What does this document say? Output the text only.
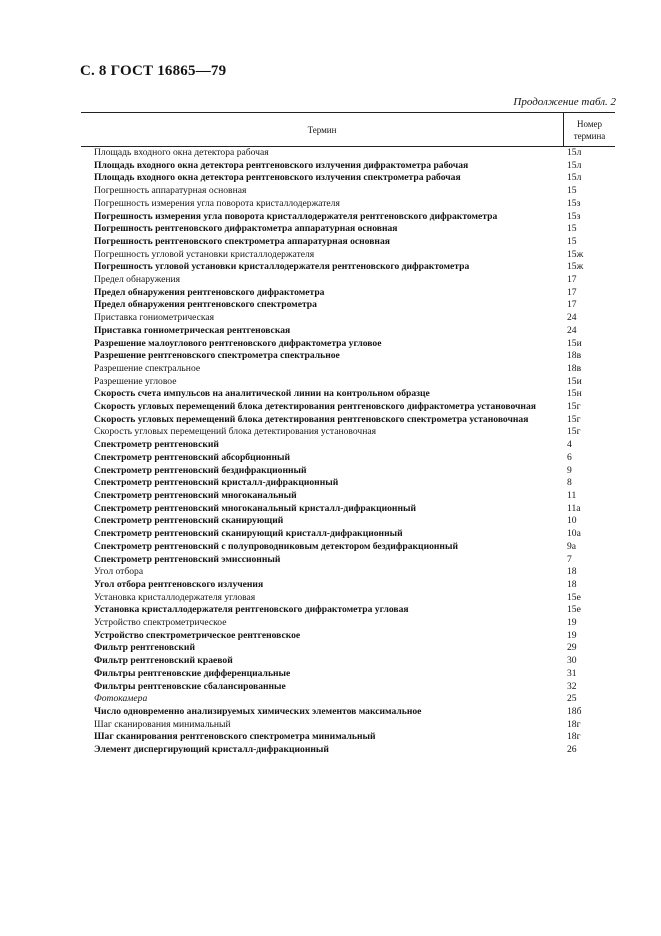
С. 8 ГОСТ 16865—79
Продолжение табл. 2
Термин
Номер
термина
Площадь входного окна детектора рабочая	15л
Площадь входного окна детектора рентгеновского излучения дифрактометра рабочая	15л
Площадь входного окна детектора рентгеновского излучения спектрометра рабочая	15л
Погрешность аппаратурная основная	15
Погрешность измерения угла поворота кристаллодержателя	15з
Погрешность измерения угла поворота кристаллодержателя рентгеновского дифрактометра	15з
Погрешность рентгеновского дифрактометра аппаратурная основная	15
Погрешность рентгеновского спектрометра аппаратурная основная	15
Погрешность угловой установки кристаллодержателя	15ж
Погрешность угловой установки кристаллодержателя рентгеновского дифрактометра	15ж
Предел обнаружения	17
Предел обнаружения рентгеновского дифрактометра	17
Предел обнаружения рентгеновского спектрометра	17
Приставка гониометрическая	24
Приставка гониометрическая рентгеновская	24
Разрешение малоуглового рентгеновского дифрактометра угловое	15и
Разрешение рентгеновского спектрометра спектральное	18в
Разрешение спектральное	18в
Разрешение угловое	15и
Скорость счета импульсов на аналитической линии на контрольном образце	15н
Скорость угловых перемещений блока детектирования рентгеновского дифрактометра установочная	15г
Скорость угловых перемещений блока детектирования рентгеновского спектрометра установочная	15г
Скорость угловых перемещений блока детектирования установочная	15г
Спектрометр рентгеновский	4
Спектрометр рентгеновский абсорбционный	6
Спектрометр рентгеновский бездифракционный	9
Спектрометр рентгеновский кристалл-дифракционный	8
Спектрометр рентгеновский многоканальный	11
Спектрометр рентгеновский многоканальный кристалл-дифракционный	11а
Спектрометр рентгеновский сканирующий	10
Спектрометр рентгеновский сканирующий кристалл-дифракционный	10а
Спектрометр рентгеновский с полупроводниковым детектором бездифракционный	9а
Спектрометр рентгеновский эмиссионный	7
Угол отбора	18
Угол отбора рентгеновского излучения	18
Установка кристаллодержателя угловая	15е
Установка кристаллодержателя рентгеновского дифрактометра угловая	15е
Устройство спектрометрическое	19
Устройство спектрометрическое рентгеновское	19
Фильтр рентгеновский	29
Фильтр рентгеновский краевой	30
Фильтры рентгеновские дифференциальные	31
Фильтры рентгеновские сбалансированные	32
Фотокамера	25
Число одновременно анализируемых химических элементов максимальное	18б
Шаг сканирования минимальный	18г
Шаг сканирования рентгеновского спектрометра минимальный	18г
Элемент диспергирующий кристалл-дифракционный	26
